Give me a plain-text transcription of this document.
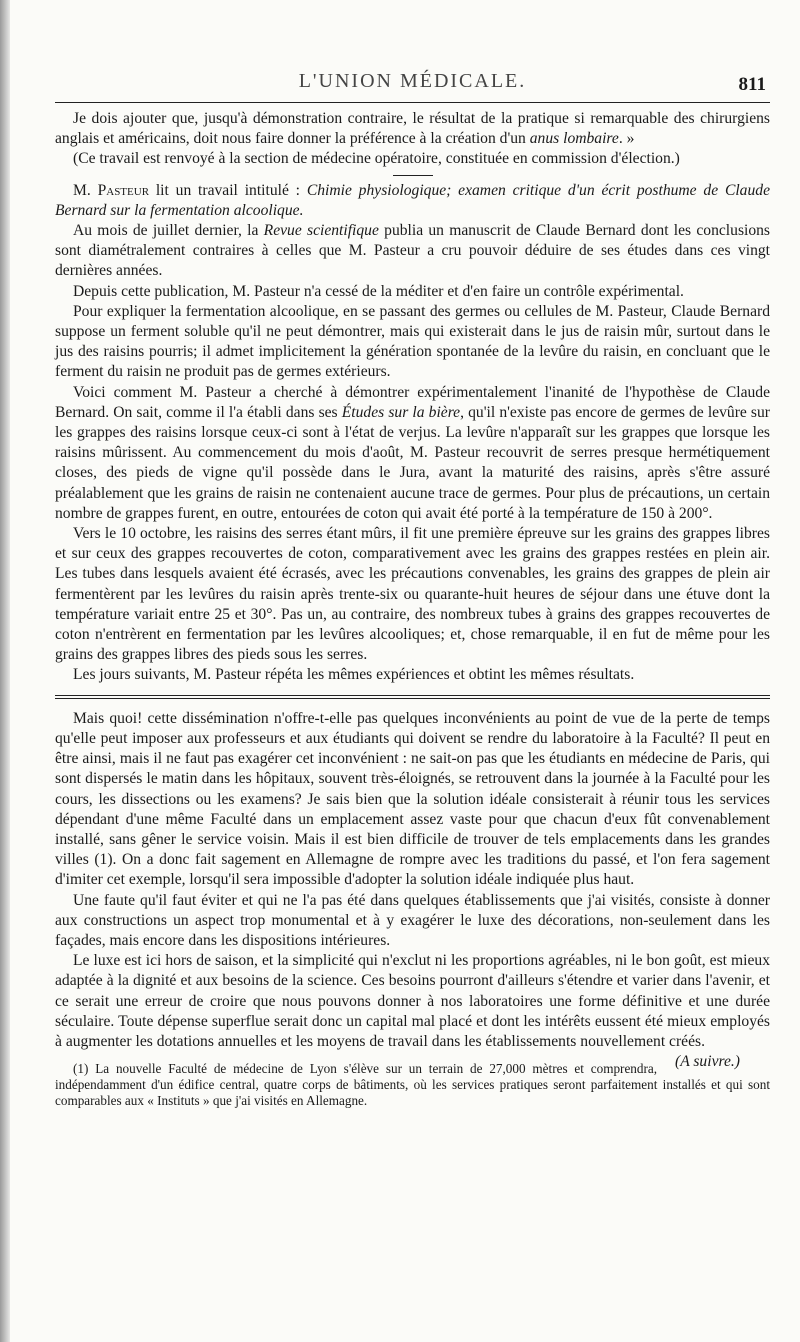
L'UNION MÉDICALE.	811

Je dois ajouter que, jusqu'à démonstration contraire, le résultat de la pratique si remarquable des chirurgiens anglais et américains, doit nous faire donner la préférence à la création d'un anus lombaire. »

(Ce travail est renvoyé à la section de médecine opératoire, constituée en commission d'élection.)

M. Pasteur lit un travail intitulé : Chimie physiologique; examen critique d'un écrit posthume de Claude Bernard sur la fermentation alcoolique.

Au mois de juillet dernier, la Revue scientifique publia un manuscrit de Claude Bernard dont les conclusions sont diamétralement contraires à celles que M. Pasteur a cru pouvoir déduire de ses études dans ces vingt dernières années.

Depuis cette publication, M. Pasteur n'a cessé de la méditer et d'en faire un contrôle expérimental.

Pour expliquer la fermentation alcoolique, en se passant des germes ou cellules de M. Pasteur, Claude Bernard suppose un ferment soluble qu'il ne peut démontrer, mais qui existerait dans le jus de raisin mûr, surtout dans le jus des raisins pourris; il admet implicitement la génération spontanée de la levûre du raisin, en concluant que le ferment du raisin ne produit pas de germes extérieurs.

Voici comment M. Pasteur a cherché à démontrer expérimentalement l'inanité de l'hypothèse de Claude Bernard. On sait, comme il l'a établi dans ses Études sur la bière, qu'il n'existe pas encore de germes de levûre sur les grappes des raisins lorsque ceux-ci sont à l'état de verjus. La levûre n'apparaît sur les grappes que lorsque les raisins mûrissent. Au commencement du mois d'août, M. Pasteur recouvrit de serres presque hermétiquement closes, des pieds de vigne qu'il possède dans le Jura, avant la maturité des raisins, après s'être assuré préalablement que les grains de raisin ne contenaient aucune trace de germes. Pour plus de précautions, un certain nombre de grappes furent, en outre, entourées de coton qui avait été porté à la température de 150 à 200°.

Vers le 10 octobre, les raisins des serres étant mûrs, il fit une première épreuve sur les grains des grappes libres et sur ceux des grappes recouvertes de coton, comparativement avec les grains des grappes restées en plein air. Les tubes dans lesquels avaient été écrasés, avec les précautions convenables, les grains des grappes de plein air fermentèrent par les levûres du raisin après trente-six ou quarante-huit heures de séjour dans une étuve dont la température variait entre 25 et 30°. Pas un, au contraire, des nombreux tubes à grains des grappes recouvertes de coton n'entrèrent en fermentation par les levûres alcooliques; et, chose remarquable, il en fut de même pour les grains des grappes libres des pieds sous les serres.

Les jours suivants, M. Pasteur répéta les mêmes expériences et obtint les mêmes résultats.

Mais quoi! cette dissémination n'offre-t-elle pas quelques inconvénients au point de vue de la perte de temps qu'elle peut imposer aux professeurs et aux étudiants qui doivent se rendre du laboratoire à la Faculté? Il peut en être ainsi, mais il ne faut pas exagérer cet inconvénient : ne sait-on pas que les étudiants en médecine de Paris, qui sont dispersés le matin dans les hôpitaux, souvent très-éloignés, se retrouvent dans la journée à la Faculté pour les cours, les dissections ou les examens? Je sais bien que la solution idéale consisterait à réunir tous les services dépendant d'une même Faculté dans un emplacement assez vaste pour que chacun d'eux fût convenablement installé, sans gêner le service voisin. Mais il est bien difficile de trouver de tels emplacements dans les grandes villes (1). On a donc fait sagement en Allemagne de rompre avec les traditions du passé, et l'on fera sagement d'imiter cet exemple, lorsqu'il sera impossible d'adopter la solution idéale indiquée plus haut.

Une faute qu'il faut éviter et qui ne l'a pas été dans quelques établissements que j'ai visités, consiste à donner aux constructions un aspect trop monumental et à y exagérer le luxe des décorations, non-seulement dans les façades, mais encore dans les dispositions intérieures.

Le luxe est ici hors de saison, et la simplicité qui n'exclut ni les proportions agréables, ni le bon goût, est mieux adaptée à la dignité et aux besoins de la science. Ces besoins pourront d'ailleurs s'étendre et varier dans l'avenir, et ce serait une erreur de croire que nous pouvons donner à nos laboratoires une forme définitive et une durée séculaire. Toute dépense superflue serait donc un capital mal placé et dont les intérêts eussent été mieux employés à augmenter les dotations annuelles et les moyens de travail dans les établissements nouvellement créés.
(A suivre.)

(1) La nouvelle Faculté de médecine de Lyon s'élève sur un terrain de 27,000 mètres et comprendra, indépendamment d'un édifice central, quatre corps de bâtiments, où les services pratiques seront parfaitement installés et qui sont comparables aux « Instituts » que j'ai visités en Allemagne.
